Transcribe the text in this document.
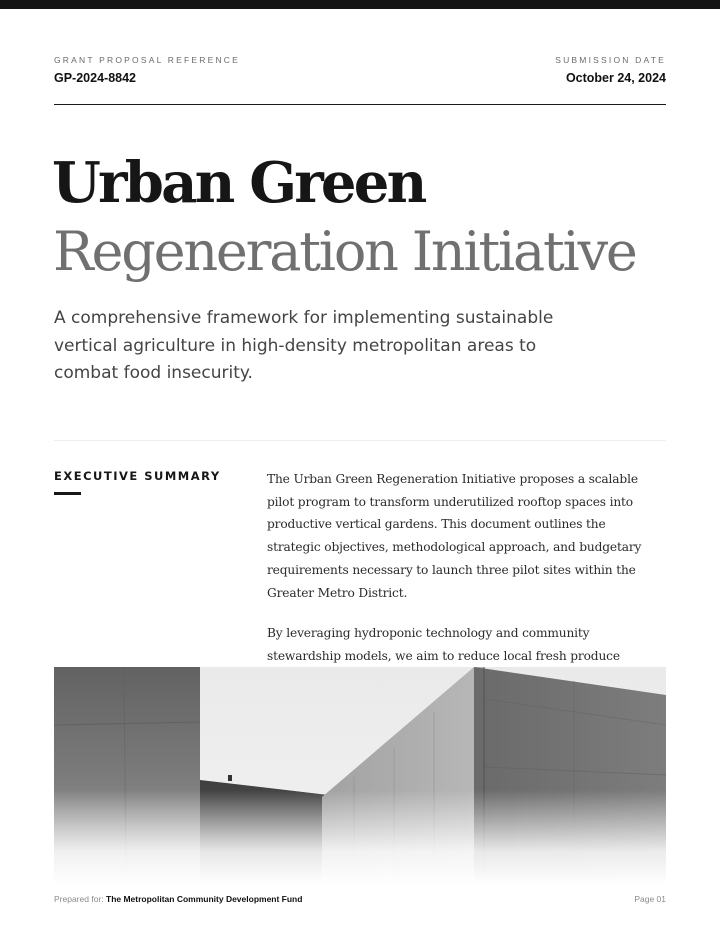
GRANT PROPOSAL REFERENCE
GP-2024-8842
SUBMISSION DATE
October 24, 2024
Urban Green
Regeneration Initiative

A comprehensive framework for implementing sustainable vertical agriculture in high-density metropolitan areas to combat food insecurity.

EXECUTIVE SUMMARY	The Urban Green Regeneration Initiative proposes a scalable pilot program to transform underutilized rooftop spaces into productive vertical gardens. This document outlines the strategic objectives, methodological approach, and budgetary requirements necessary to launch three pilot sites within the Greater Metro District.

By leveraging hydroponic technology and community stewardship models, we aim to reduce local fresh produce

Prepared for: The Metropolitan Community Development Fund	Page 01
